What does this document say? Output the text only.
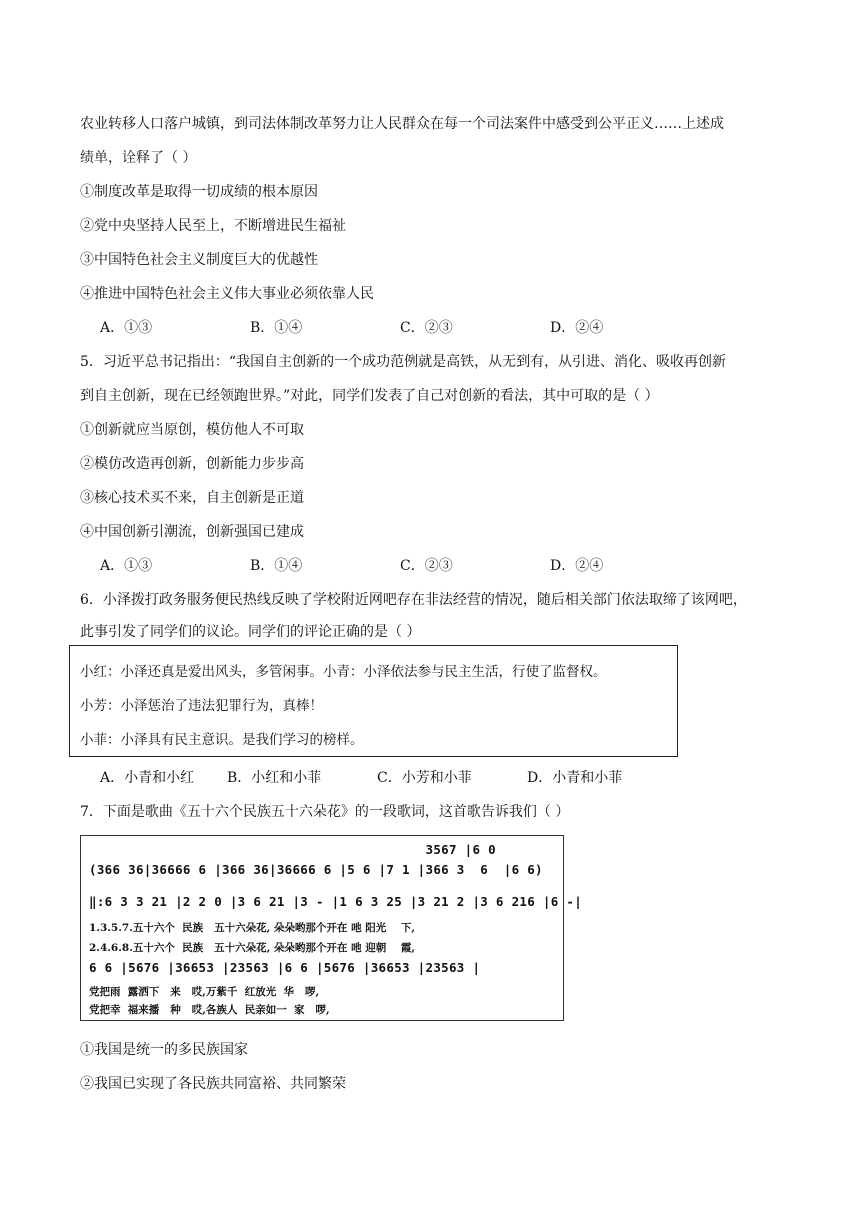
农业转移人口落户城镇，到司法体制改革努力让人民群众在每一个司法案件中感受到公平正义……上述成
绩单，诠释了（ ）
①制度改革是取得一切成绩的根本原因
②党中央坚持人民至上，不断增进民生福祉
③中国特色社会主义制度巨大的优越性
④推进中国特色社会主义伟大事业必须依靠人民
A．①③	B．①④	C．②③	D．②④
5．习近平总书记指出：“我国自主创新的一个成功范例就是高铁，从无到有，从引进、消化、吸收再创新
到自主创新，现在已经领跑世界。”对此，同学们发表了自己对创新的看法，其中可取的是（ ）
①创新就应当原创，模仿他人不可取
②模仿改造再创新，创新能力步步高
③核心技术买不来，自主创新是正道
④中国创新引潮流，创新强国已建成
A．①③	B．①④	C．②③	D．②④
6．小泽拨打政务服务便民热线反映了学校附近网吧存在非法经营的情况，随后相关部门依法取缔了该网吧，
此事引发了同学们的议论。同学们的评论正确的是（ ）
小红：小泽还真是爱出风头，多管闲事。小青：小泽依法参与民主生活，行使了监督权。
小芳：小泽惩治了违法犯罪行为，真棒！
小菲：小泽具有民主意识。是我们学习的榜样。
A．小青和小红 B．小红和小菲	C．小芳和小菲	D．小青和小菲
7．下面是歌曲《五十六个民族五十六朵花》的一段歌词，这首歌告诉我们（ ）
3567 |6 0
(366 36|36666 6 |366 36|36666 6 |5 6 |7 1 |366 3  6  |6 6)
‖:6 3 3 21 |2 2 0 |3 6 21 |3 - |1 6 3 25 |3 21 2 |3 6 216 |6 -|
1.3.5.7.五十六个  民族   五十六朵花, 朵朵哟那个开在 吔 阳光    下,
2.4.6.8.五十六个  民族   五十六朵花, 朵朵哟那个开在 吔 迎朝    霞,
6 6 |5676 |36653 |23563 |6 6 |5676 |36653 |23563 |
党把雨  露洒下   来   哎,万紫千  红放光  华   啰,
党把幸  福来播   种   哎,各族人  民亲如一  家   啰,
①我国是统一的多民族国家
②我国已实现了各民族共同富裕、共同繁荣
